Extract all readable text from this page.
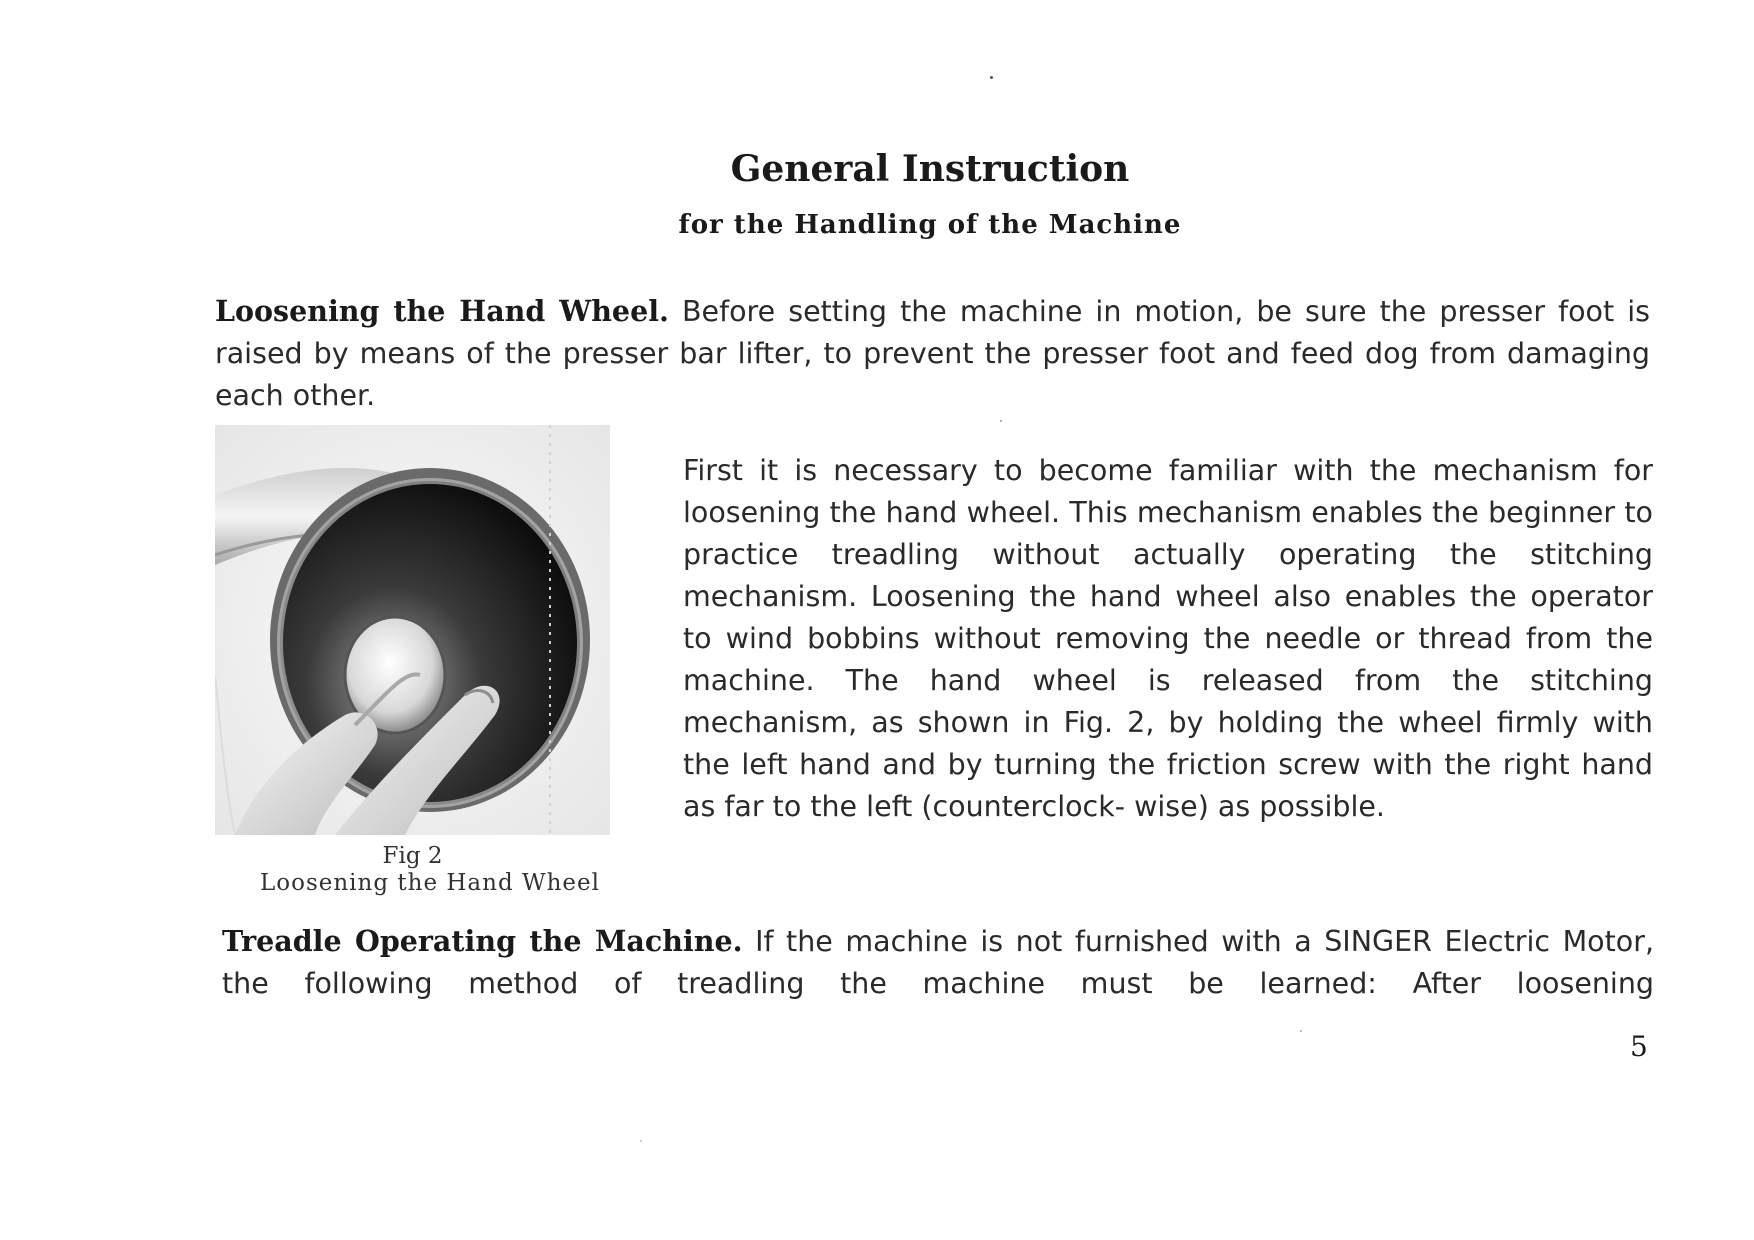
General Instruction
for the Handling of the Machine

Loosening the Hand Wheel. Before setting the machine in motion, be sure the presser foot is raised by means of the presser bar lifter, to prevent the presser foot and feed dog from damaging each other.

Fig 2
Loosening the Hand Wheel

First it is necessary to become familiar with the mechanism for loosening the hand wheel. This mechanism enables the beginner to practice treadling without actually operating the stitching mechanism. Loosening the hand wheel also enables the operator to wind bobbins without removing the needle or thread from the machine. The hand wheel is released from the stitching mechanism, as shown in Fig. 2, by holding the wheel firmly with the left hand and by turning the friction screw with the right hand as far to the left (counterclock- wise) as possible.

Treadle Operating the Machine. If the machine is not furnished with a SINGER Electric Motor, the following method of treadling the machine must be learned: After loosening

5
